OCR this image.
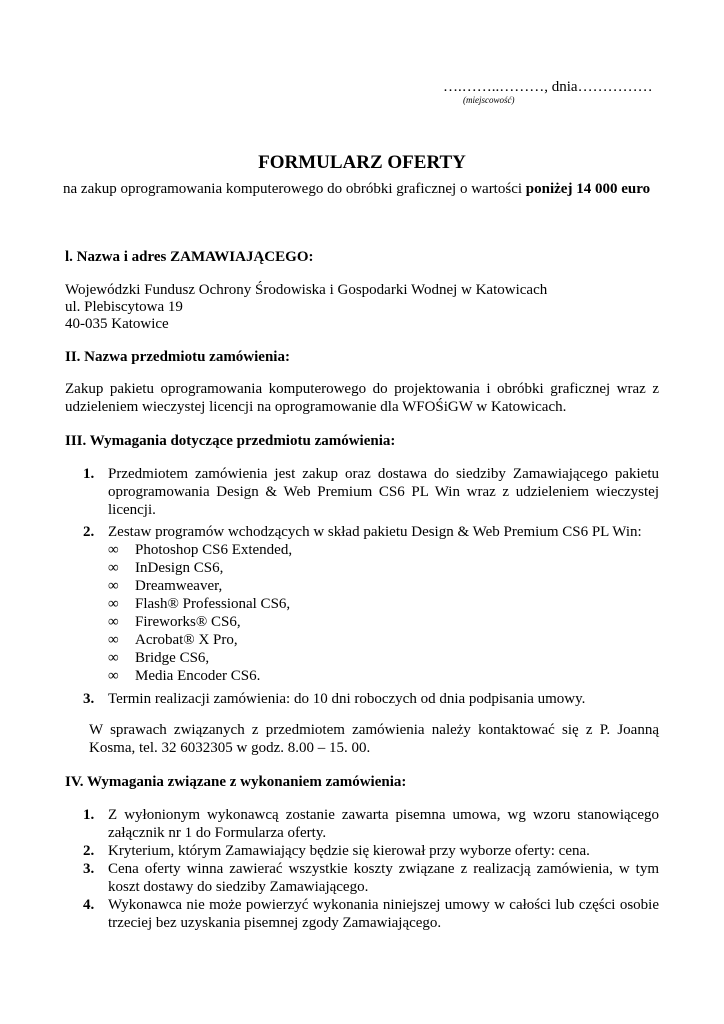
….……..………, dnia……………
(miejscowość)
FORMULARZ OFERTY
na zakup oprogramowania komputerowego do obróbki graficznej o wartości poniżej 14 000 euro
l. Nazwa i adres ZAMAWIAJĄCEGO:
Wojewódzki Fundusz Ochrony Środowiska i Gospodarki Wodnej w Katowicach
ul. Plebiscytowa 19
40-035 Katowice
II. Nazwa przedmiotu zamówienia:
Zakup pakietu oprogramowania komputerowego do projektowania i obróbki graficznej wraz z udzieleniem wieczystej licencji na oprogramowanie dla WFOŚiGW w Katowicach.
III. Wymagania dotyczące przedmiotu zamówienia:
1. Przedmiotem zamówienia jest zakup oraz dostawa do siedziby Zamawiającego pakietu oprogramowania Design & Web Premium CS6 PL Win wraz z udzieleniem wieczystej licencji.
2. Zestaw programów wchodzących w skład pakietu Design & Web Premium CS6 PL Win:
∞	Photoshop CS6 Extended,
∞	InDesign CS6,
∞	Dreamweaver,
∞	Flash® Professional CS6,
∞	Fireworks® CS6,
∞	Acrobat® X Pro,
∞	Bridge CS6,
∞	Media Encoder CS6.
3. Termin realizacji zamówienia: do 10 dni roboczych od dnia podpisania umowy.
W sprawach związanych z przedmiotem zamówienia należy kontaktować się z P. Joanną Kosma, tel. 32 6032305 w godz. 8.00 – 15. 00.
IV. Wymagania związane z wykonaniem zamówienia:
1. Z wyłonionym wykonawcą zostanie zawarta pisemna umowa, wg wzoru stanowiącego załącznik nr 1 do Formularza oferty.
2. Kryterium, którym Zamawiający będzie się kierował przy wyborze oferty: cena.
3. Cena oferty winna zawierać wszystkie koszty związane z realizacją zamówienia, w tym koszt dostawy do siedziby Zamawiającego.
4. Wykonawca nie może powierzyć wykonania niniejszej umowy w całości lub części osobie trzeciej bez uzyskania pisemnej zgody Zamawiającego.
